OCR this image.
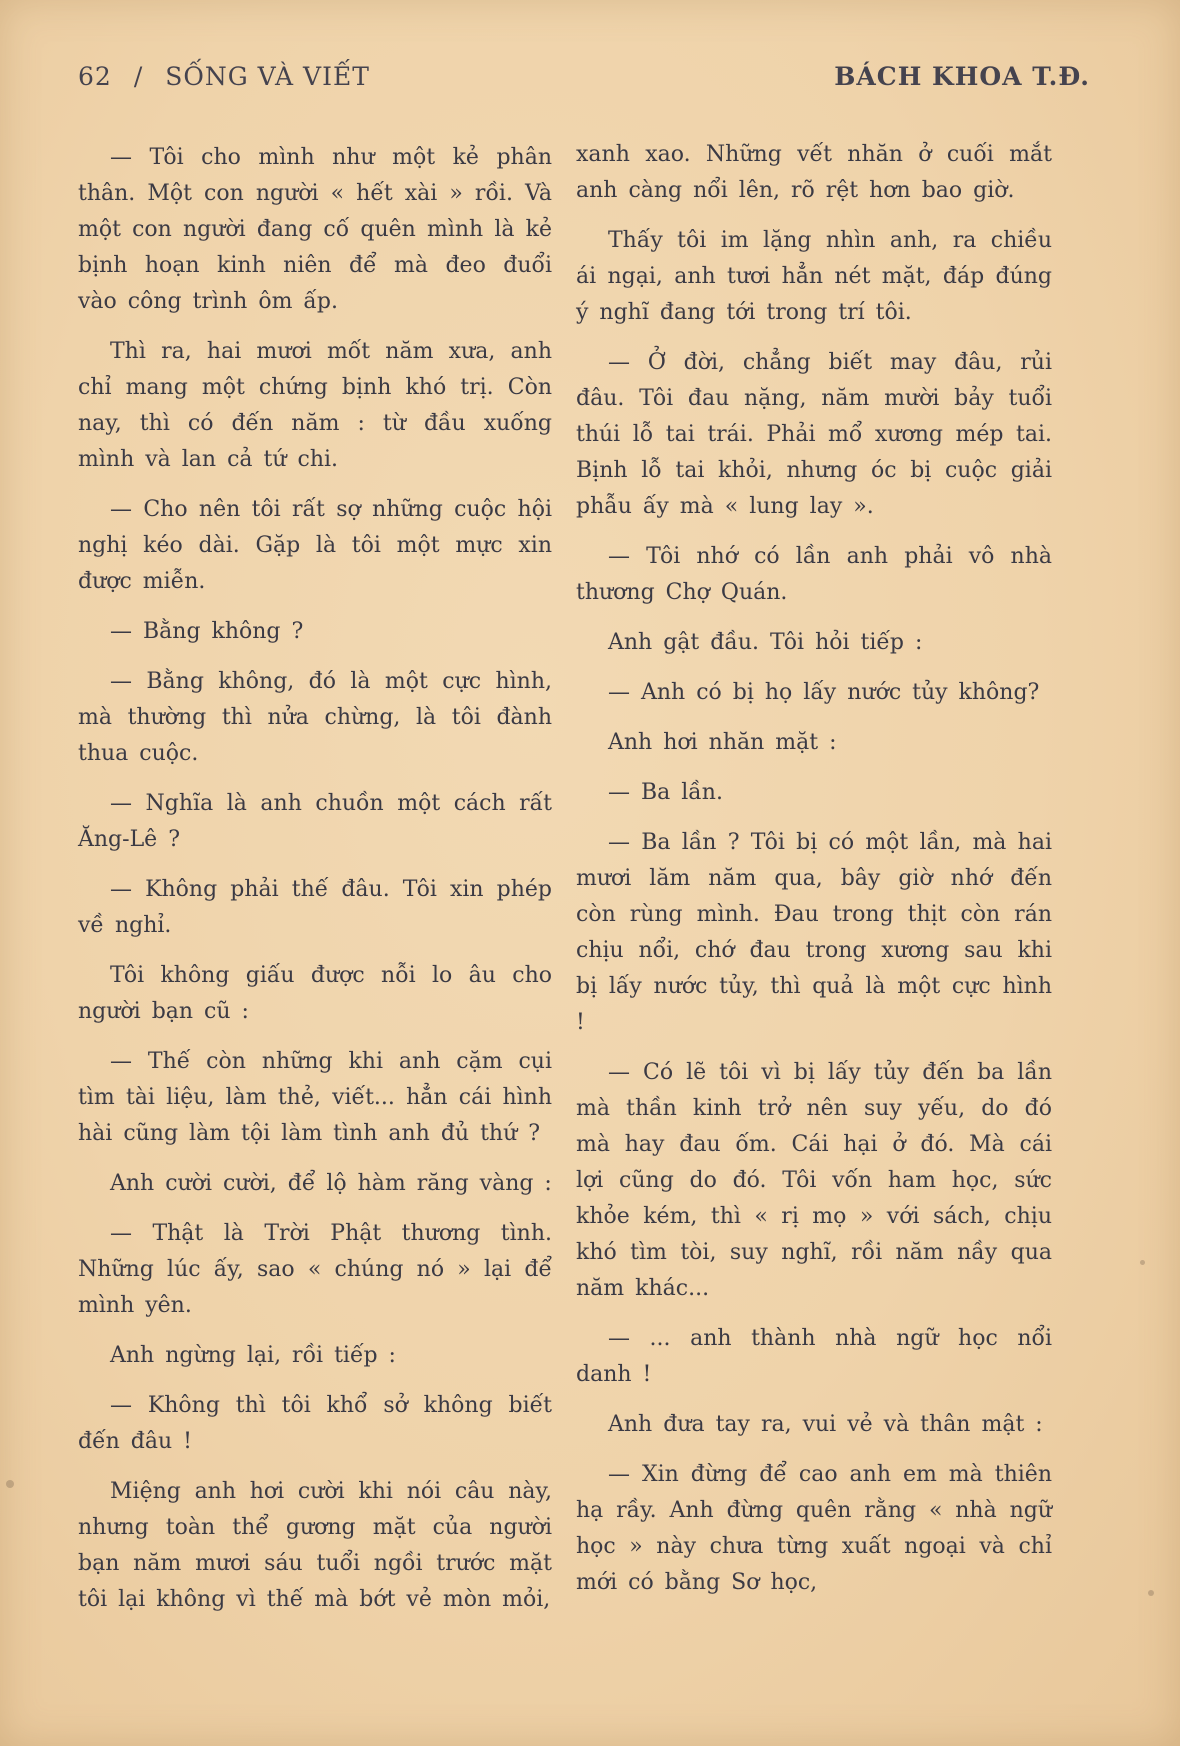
62 / SỐNG VÀ VIẾT	BÁCH KHOA T.Đ.

— Tôi cho mình như một kẻ phân thân. Một con người « hết xài » rồi. Và một con người đang cố quên mình là kẻ bịnh hoạn kinh niên để mà đeo đuổi vào công trình ôm ấp.

Thì ra, hai mươi mốt năm xưa, anh chỉ mang một chứng bịnh khó trị. Còn nay, thì có đến năm : từ đầu xuống mình và lan cả tứ chi.

— Cho nên tôi rất sợ những cuộc hội nghị kéo dài. Gặp là tôi một mực xin được miễn.

— Bằng không ?

— Bằng không, đó là một cực hình, mà thường thì nửa chừng, là tôi đành thua cuộc.

— Nghĩa là anh chuồn một cách rất Ăng-Lê ?

— Không phải thế đâu. Tôi xin phép về nghỉ.

Tôi không giấu được nỗi lo âu cho người bạn cũ :

— Thế còn những khi anh cặm cụi tìm tài liệu, làm thẻ, viết... hẳn cái hình hài cũng làm tội làm tình anh đủ thứ ?

Anh cười cười, để lộ hàm răng vàng :

— Thật là Trời Phật thương tình. Những lúc ấy, sao « chúng nó » lại để mình yên.

Anh ngừng lại, rồi tiếp :

— Không thì tôi khổ sở không biết đến đâu !

Miệng anh hơi cười khi nói câu này, nhưng toàn thể gương mặt của người bạn năm mươi sáu tuổi ngồi trước mặt tôi lại không vì thế mà bớt vẻ mòn mỏi,

xanh xao. Những vết nhăn ở cuối mắt anh càng nổi lên, rõ rệt hơn bao giờ.

Thấy tôi im lặng nhìn anh, ra chiều ái ngại, anh tươi hẳn nét mặt, đáp đúng ý nghĩ đang tới trong trí tôi.

— Ở đời, chẳng biết may đâu, rủi đâu. Tôi đau nặng, năm mười bảy tuổi thúi lỗ tai trái. Phải mổ xương mép tai. Bịnh lỗ tai khỏi, nhưng óc bị cuộc giải phẫu ấy mà « lung lay ».

— Tôi nhớ có lần anh phải vô nhà thương Chợ Quán.

Anh gật đầu. Tôi hỏi tiếp :

— Anh có bị họ lấy nước tủy không?

Anh hơi nhăn mặt :

— Ba lần.

— Ba lần ? Tôi bị có một lần, mà hai mươi lăm năm qua, bây giờ nhớ đến còn rùng mình. Đau trong thịt còn rán chịu nổi, chớ đau trong xương sau khi bị lấy nước tủy, thì quả là một cực hình !

— Có lẽ tôi vì bị lấy tủy đến ba lần mà thần kinh trở nên suy yếu, do đó mà hay đau ốm. Cái hại ở đó. Mà cái lợi cũng do đó. Tôi vốn ham học, sức khỏe kém, thì « rị mọ » với sách, chịu khó tìm tòi, suy nghĩ, rồi năm nầy qua năm khác...

— ... anh thành nhà ngữ học nổi danh !

Anh đưa tay ra, vui vẻ và thân mật :

— Xin đừng để cao anh em mà thiên hạ rầy. Anh đừng quên rằng « nhà ngữ học » này chưa từng xuất ngoại và chỉ mới có bằng Sơ học,
